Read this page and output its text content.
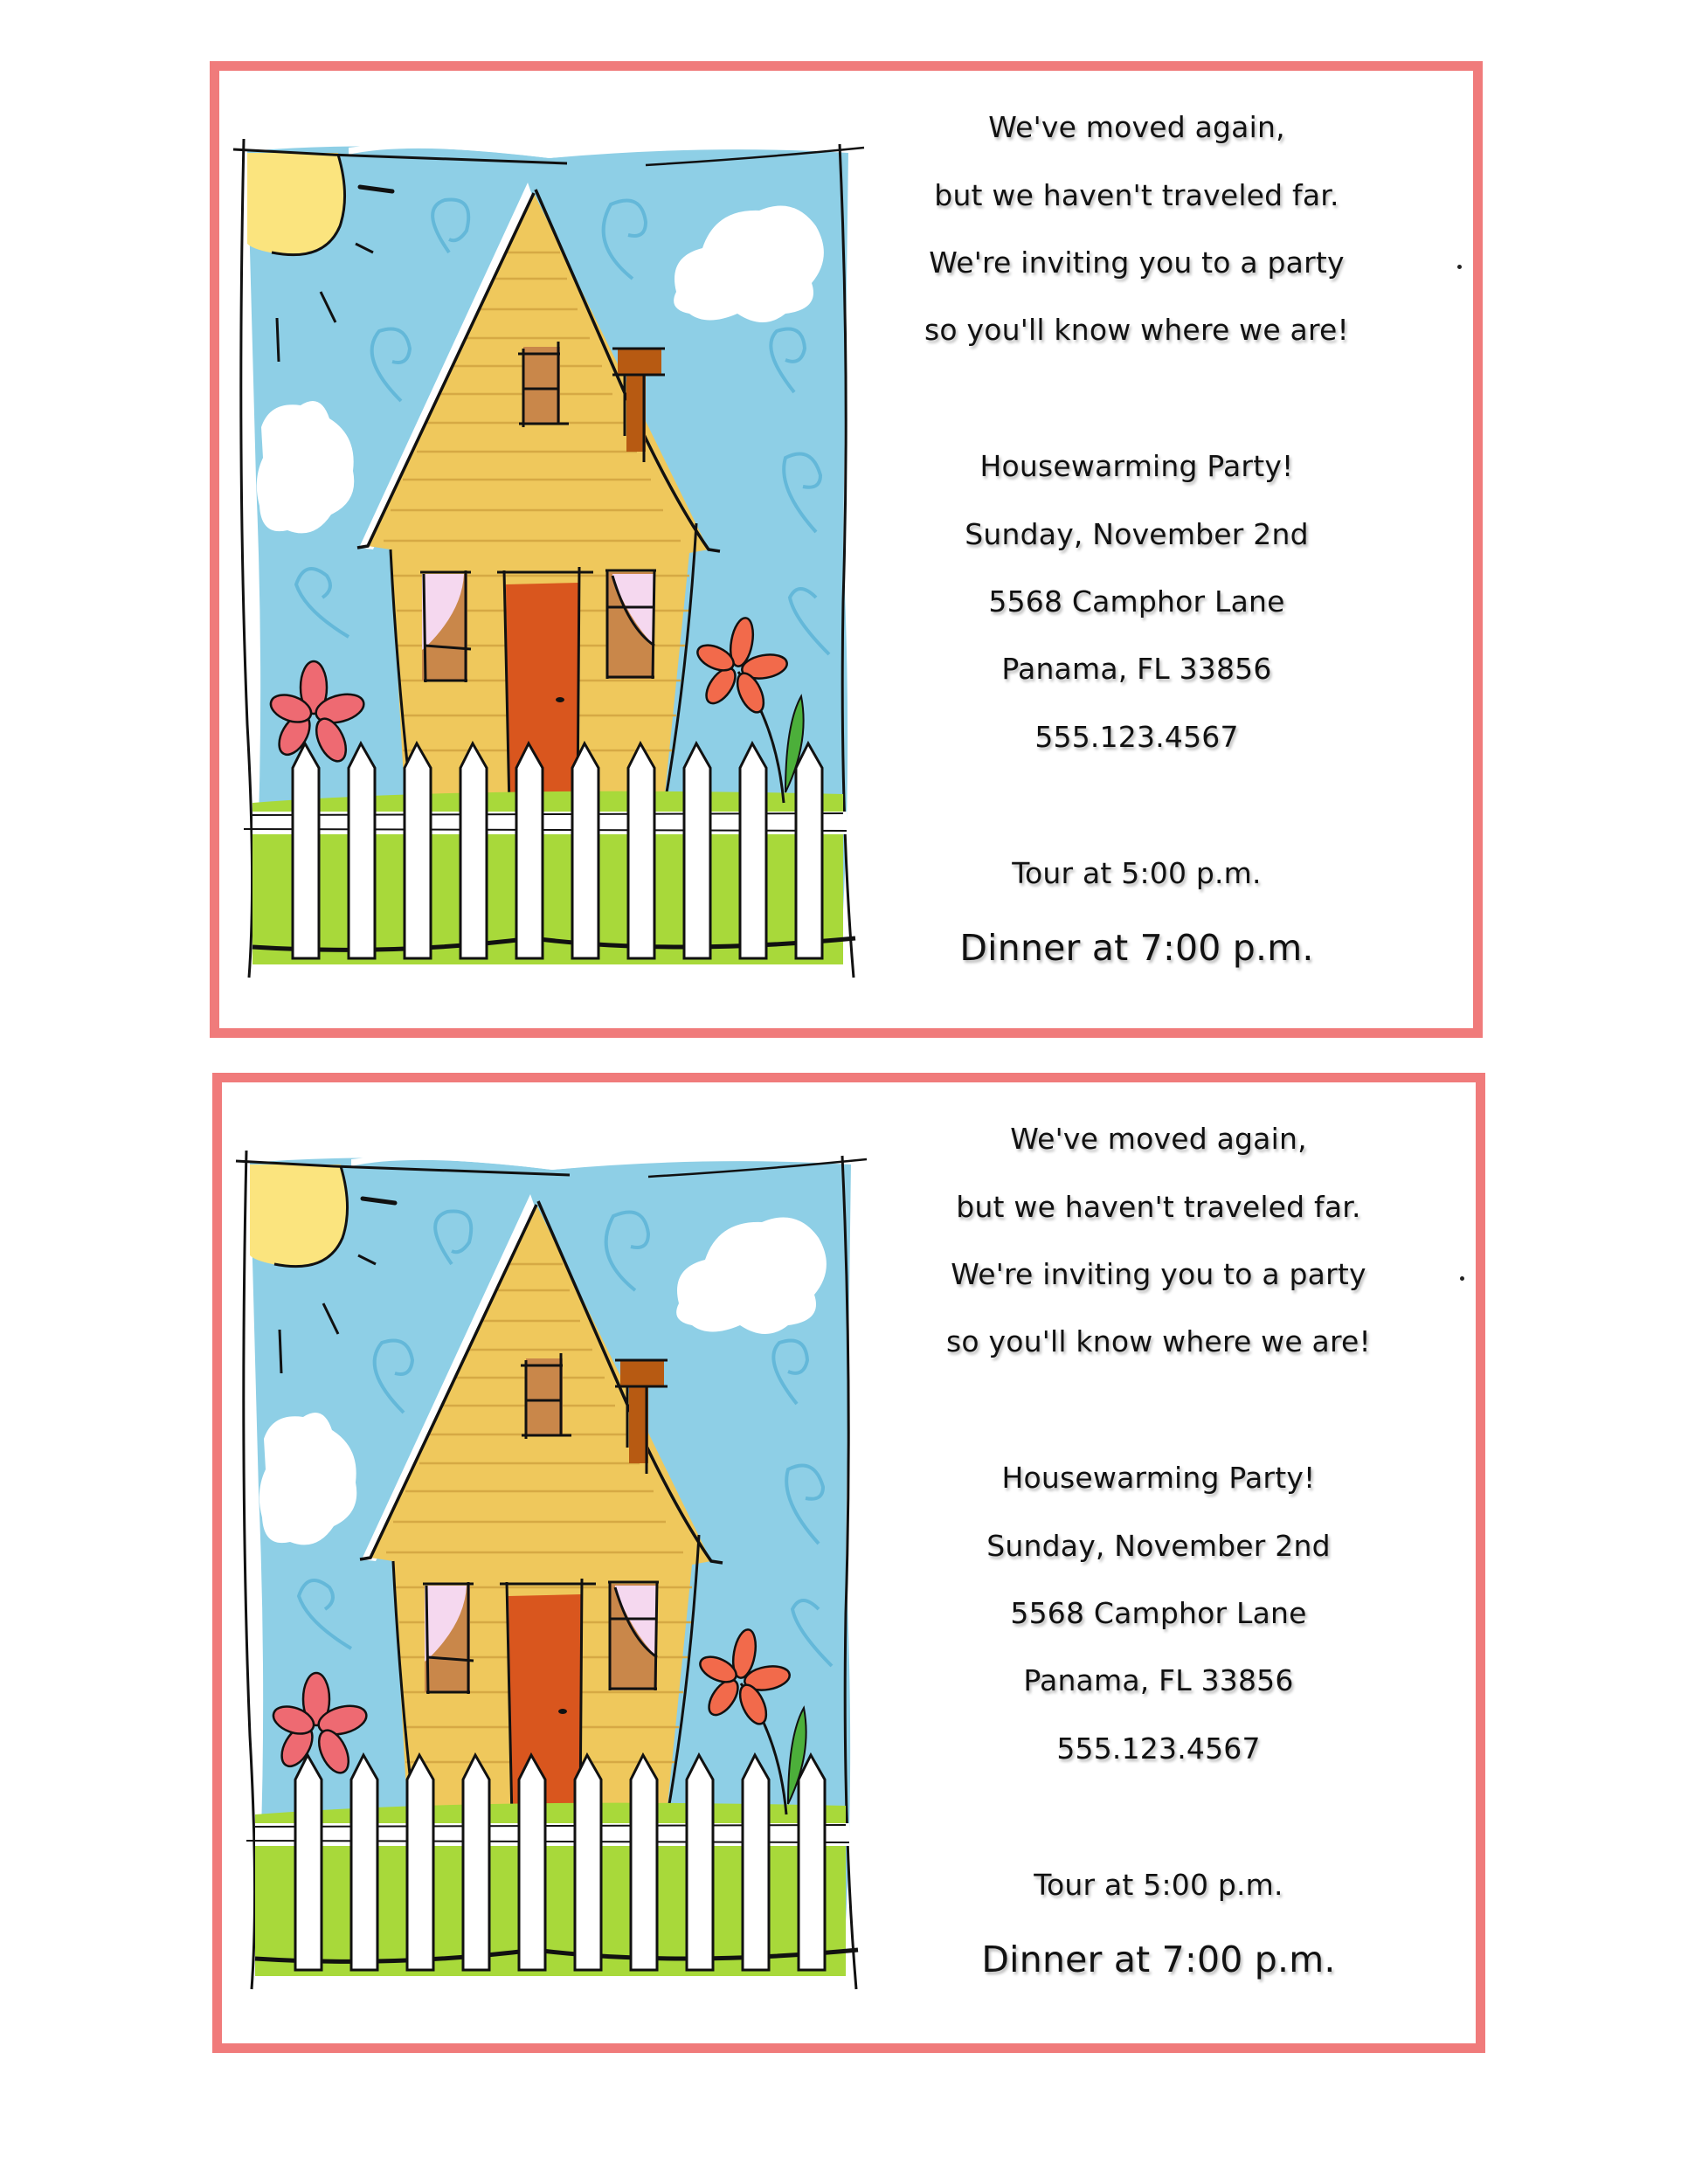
We've moved again,
but we haven't traveled far.
We're inviting you to a party
so you'll know where we are!
Housewarming Party!
Sunday, November 2nd
5568 Camphor Lane
Panama, FL 33856
555.123.4567
Tour at 5:00 p.m.
Dinner at 7:00 p.m.
We've moved again,
but we haven't traveled far.
We're inviting you to a party
so you'll know where we are!
Housewarming Party!
Sunday, November 2nd
5568 Camphor Lane
Panama, FL 33856
555.123.4567
Tour at 5:00 p.m.
Dinner at 7:00 p.m.
